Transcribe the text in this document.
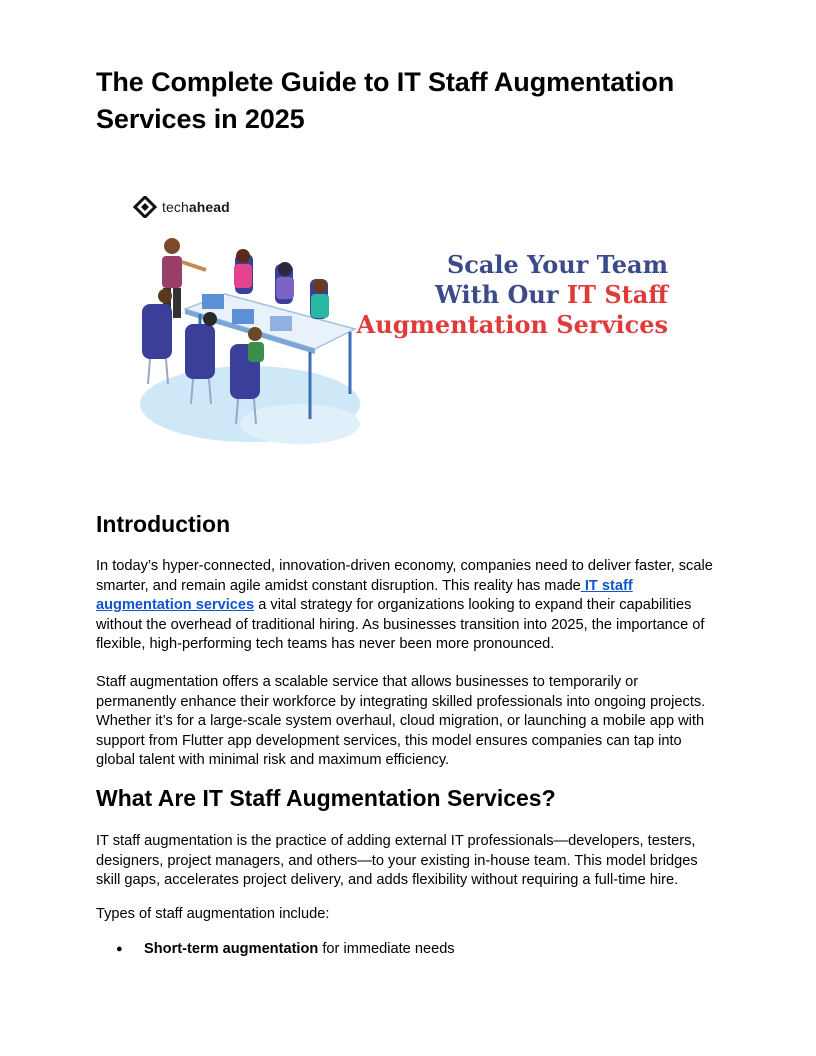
The Complete Guide to IT Staff Augmentation Services in 2025
techahead
Scale Your Team
With Our IT Staff
Augmentation Services
Introduction

In today’s hyper-connected, innovation-driven economy, companies need to deliver faster, scale smarter, and remain agile amidst constant disruption. This reality has made IT staff augmentation services a vital strategy for organizations looking to expand their capabilities without the overhead of traditional hiring. As businesses transition into 2025, the importance of flexible, high-performing tech teams has never been more pronounced.

Staff augmentation offers a scalable service that allows businesses to temporarily or permanently enhance their workforce by integrating skilled professionals into ongoing projects. Whether it’s for a large-scale system overhaul, cloud migration, or launching a mobile app with support from Flutter app development services, this model ensures companies can tap into global talent with minimal risk and maximum efficiency.

What Are IT Staff Augmentation Services?

IT staff augmentation is the practice of adding external IT professionals—developers, testers, designers, project managers, and others—to your existing in-house team. This model bridges skill gaps, accelerates project delivery, and adds flexibility without requiring a full-time hire.

Types of staff augmentation include:

● Short-term augmentation for immediate needs
